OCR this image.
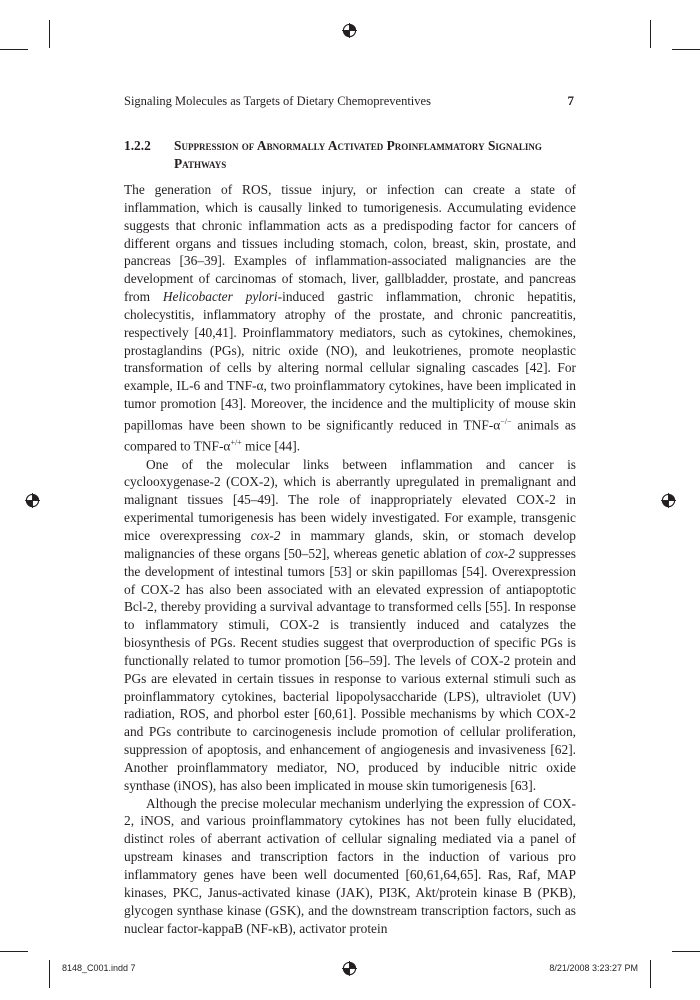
Signaling Molecules as Targets of Dietary Chemopreventives	7
1.2.2 Suppression of Abnormally Activated Proinflammatory Signaling Pathways

The generation of ROS, tissue injury, or infection can create a state of inflammation, which is causally linked to tumorigenesis. Accumulating evidence suggests that chronic inflammation acts as a predispoding factor for cancers of different organs and tissues including stomach, colon, breast, skin, prostate, and pancreas [36–39]. Examples of inflammation-associated malignancies are the development of carcinomas of stomach, liver, gallbladder, prostate, and pancreas from Helicobacter pylori-induced gastric inflammation, chronic hepatitis, cholecystitis, inflammatory atrophy of the prostate, and chronic pancreatitis, respectively [40,41]. Proinflammatory mediators, such as cytokines, chemokines, prostaglandins (PGs), nitric oxide (NO), and leukotrienes, promote neoplastic transformation of cells by altering normal cellular signaling cascades [42]. For example, IL-6 and TNF-α, two proinflammatory cytokines, have been implicated in tumor promotion [43]. Moreover, the incidence and the multiplicity of mouse skin papillomas have been shown to be significantly reduced in TNF-α−/− animals as compared to TNF-α+/+ mice [44].

One of the molecular links between inflammation and cancer is cyclooxygenase-2 (COX-2), which is aberrantly upregulated in premalignant and malignant tissues [45–49]. The role of inappropriately elevated COX-2 in experimental tumorigenesis has been widely investigated. For example, transgenic mice overexpressing cox-2 in mammary glands, skin, or stomach develop malignancies of these organs [50–52], whereas genetic ablation of cox-2 suppresses the development of intestinal tumors [53] or skin papillomas [54]. Overexpression of COX-2 has also been associated with an elevated expression of antiapoptotic Bcl-2, thereby providing a survival advantage to transformed cells [55]. In response to inflammatory stimuli, COX-2 is transiently induced and catalyzes the biosynthesis of PGs. Recent studies suggest that overproduction of specific PGs is functionally related to tumor promotion [56–59]. The levels of COX-2 protein and PGs are elevated in certain tissues in response to various external stimuli such as proinflammatory cytokines, bacterial lipopolysaccharide (LPS), ultraviolet (UV) radiation, ROS, and phorbol ester [60,61]. Possible mechanisms by which COX-2 and PGs contribute to carcinogenesis include promotion of cellular proliferation, suppression of apoptosis, and enhancement of angiogenesis and invasiveness [62]. Another proinflammatory mediator, NO, produced by inducible nitric oxide synthase (iNOS), has also been implicated in mouse skin tumorigenesis [63].

Although the precise molecular mechanism underlying the expression of COX-2, iNOS, and various proinflammatory cytokines has not been fully elucidated, distinct roles of aberrant activation of cellular signaling mediated via a panel of upstream kinases and transcription factors in the induction of various pro inflammatory genes have been well documented [60,61,64,65]. Ras, Raf, MAP kinases, PKC, Janus-activated kinase (JAK), PI3K, Akt/protein kinase B (PKB), glycogen synthase kinase (GSK), and the downstream transcription factors, such as nuclear factor-kappaB (NF-κB), activator protein

8148_C001.indd 7	8/21/2008 3:23:27 PM
